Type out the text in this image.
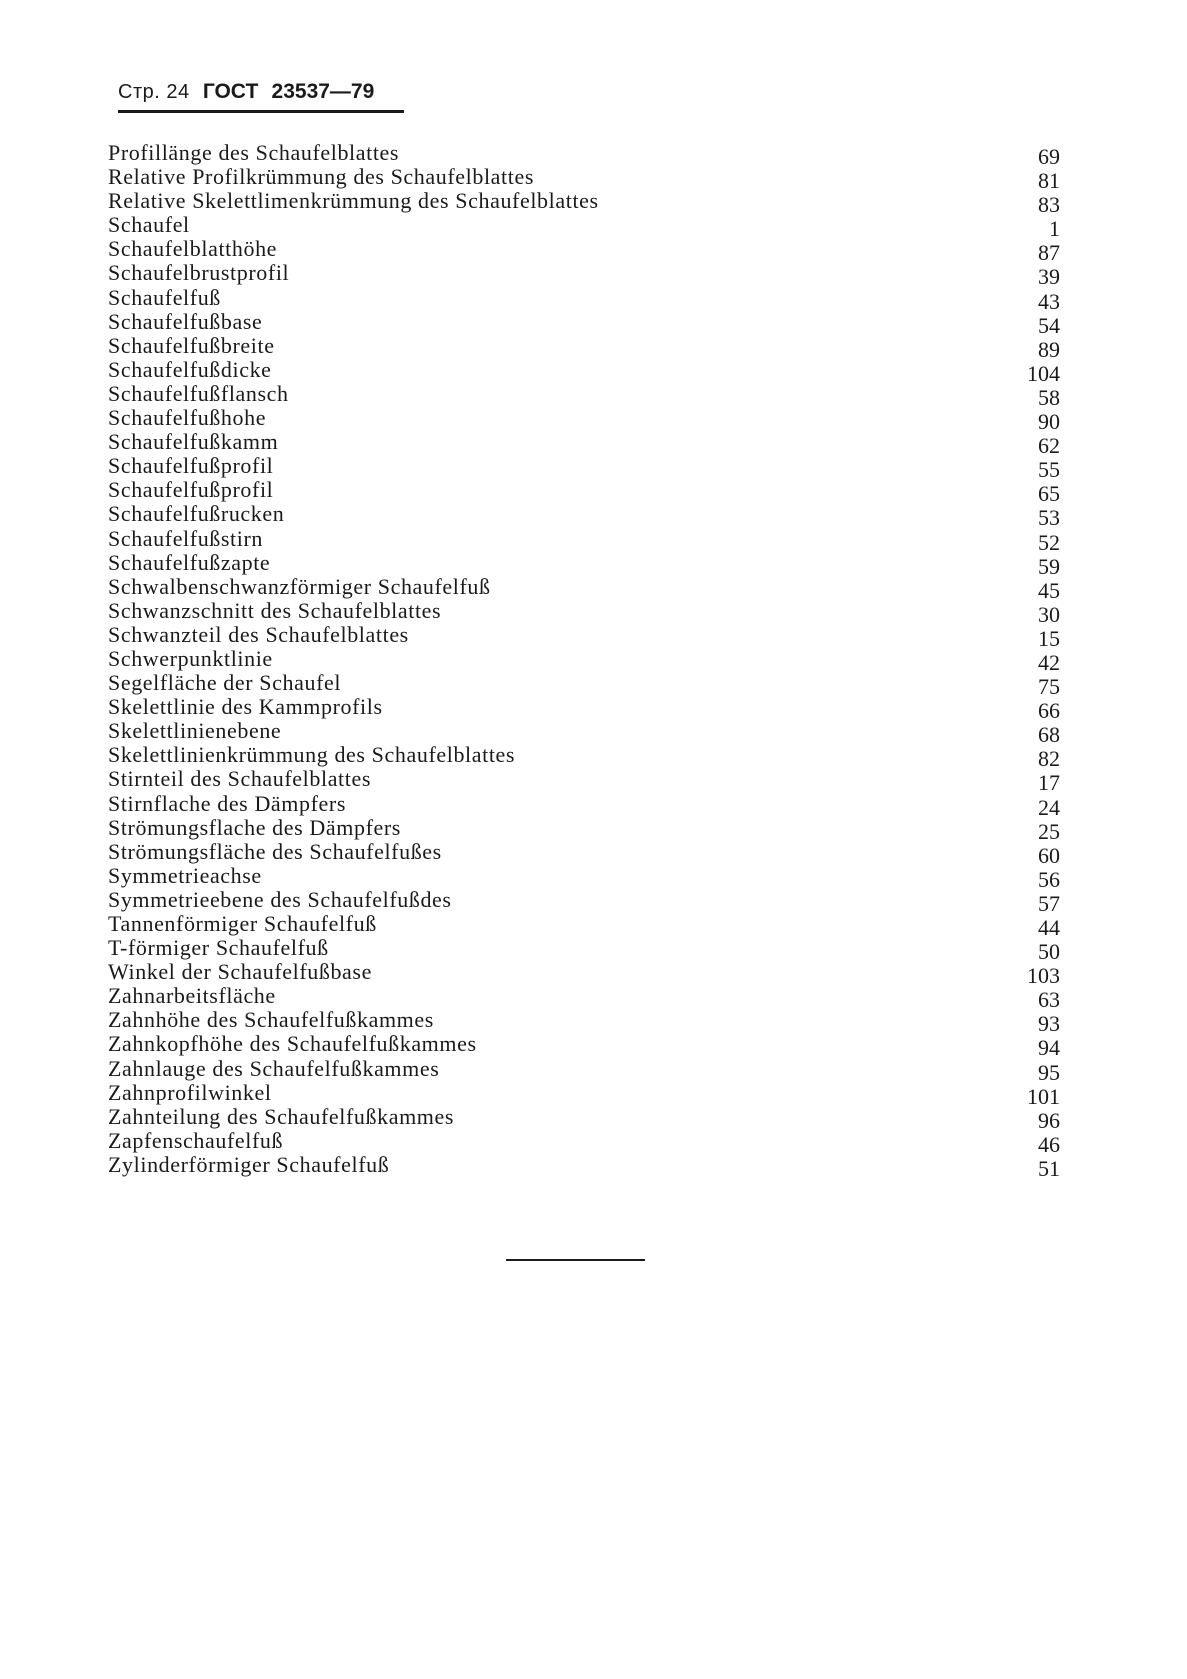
Стр. 24 ГОСТ 23537—79
Profillänge des Schaufelblattes	69
Relative Profilkrümmung des Schaufelblattes	81
Relative Skelettlimenkrümmung des Schaufelblattes	83
Schaufel	1
Schaufelblatthöhe	87
Schaufelbrustprofil	39
Schaufelfuß	43
Schaufelfußbase	54
Schaufelfußbreite	89
Schaufelfußdicke	104
Schaufelfußflansch	58
Schaufelfußhohe	90
Schaufelfußkamm	62
Schaufelfußprofil	55
Schaufelfußprofil	65
Schaufelfußrucken	53
Schaufelfußstirn	52
Schaufelfußzapte	59
Schwalbenschwanzförmiger Schaufelfuß	45
Schwanzschnitt des Schaufelblattes	30
Schwanzteil des Schaufelblattes	15
Schwerpunktlinie	42
Segelfläche der Schaufel	75
Skelettlinie des Kammprofils	66
Skelettlinienebene	68
Skelettlinienkrümmung des Schaufelblattes	82
Stirnteil des Schaufelblattes	17
Stirnflache des Dämpfers	24
Strömungsflache des Dämpfers	25
Strömungsfläche des Schaufelfußes	60
Symmetrieachse	56
Symmetrieebene des Schaufelfußdes	57
Tannenförmiger Schaufelfuß	44
T-förmiger Schaufelfuß	50
Winkel der Schaufelfußbase	103
Zahnarbeitsfläche	63
Zahnhöhe des Schaufelfußkammes	93
Zahnkopfhöhe des Schaufelfußkammes	94
Zahnlauge des Schaufelfußkammes	95
Zahnprofilwinkel	101
Zahnteilung des Schaufelfußkammes	96
Zapfenschaufelfuß	46
Zylinderförmiger Schaufelfuß	51
